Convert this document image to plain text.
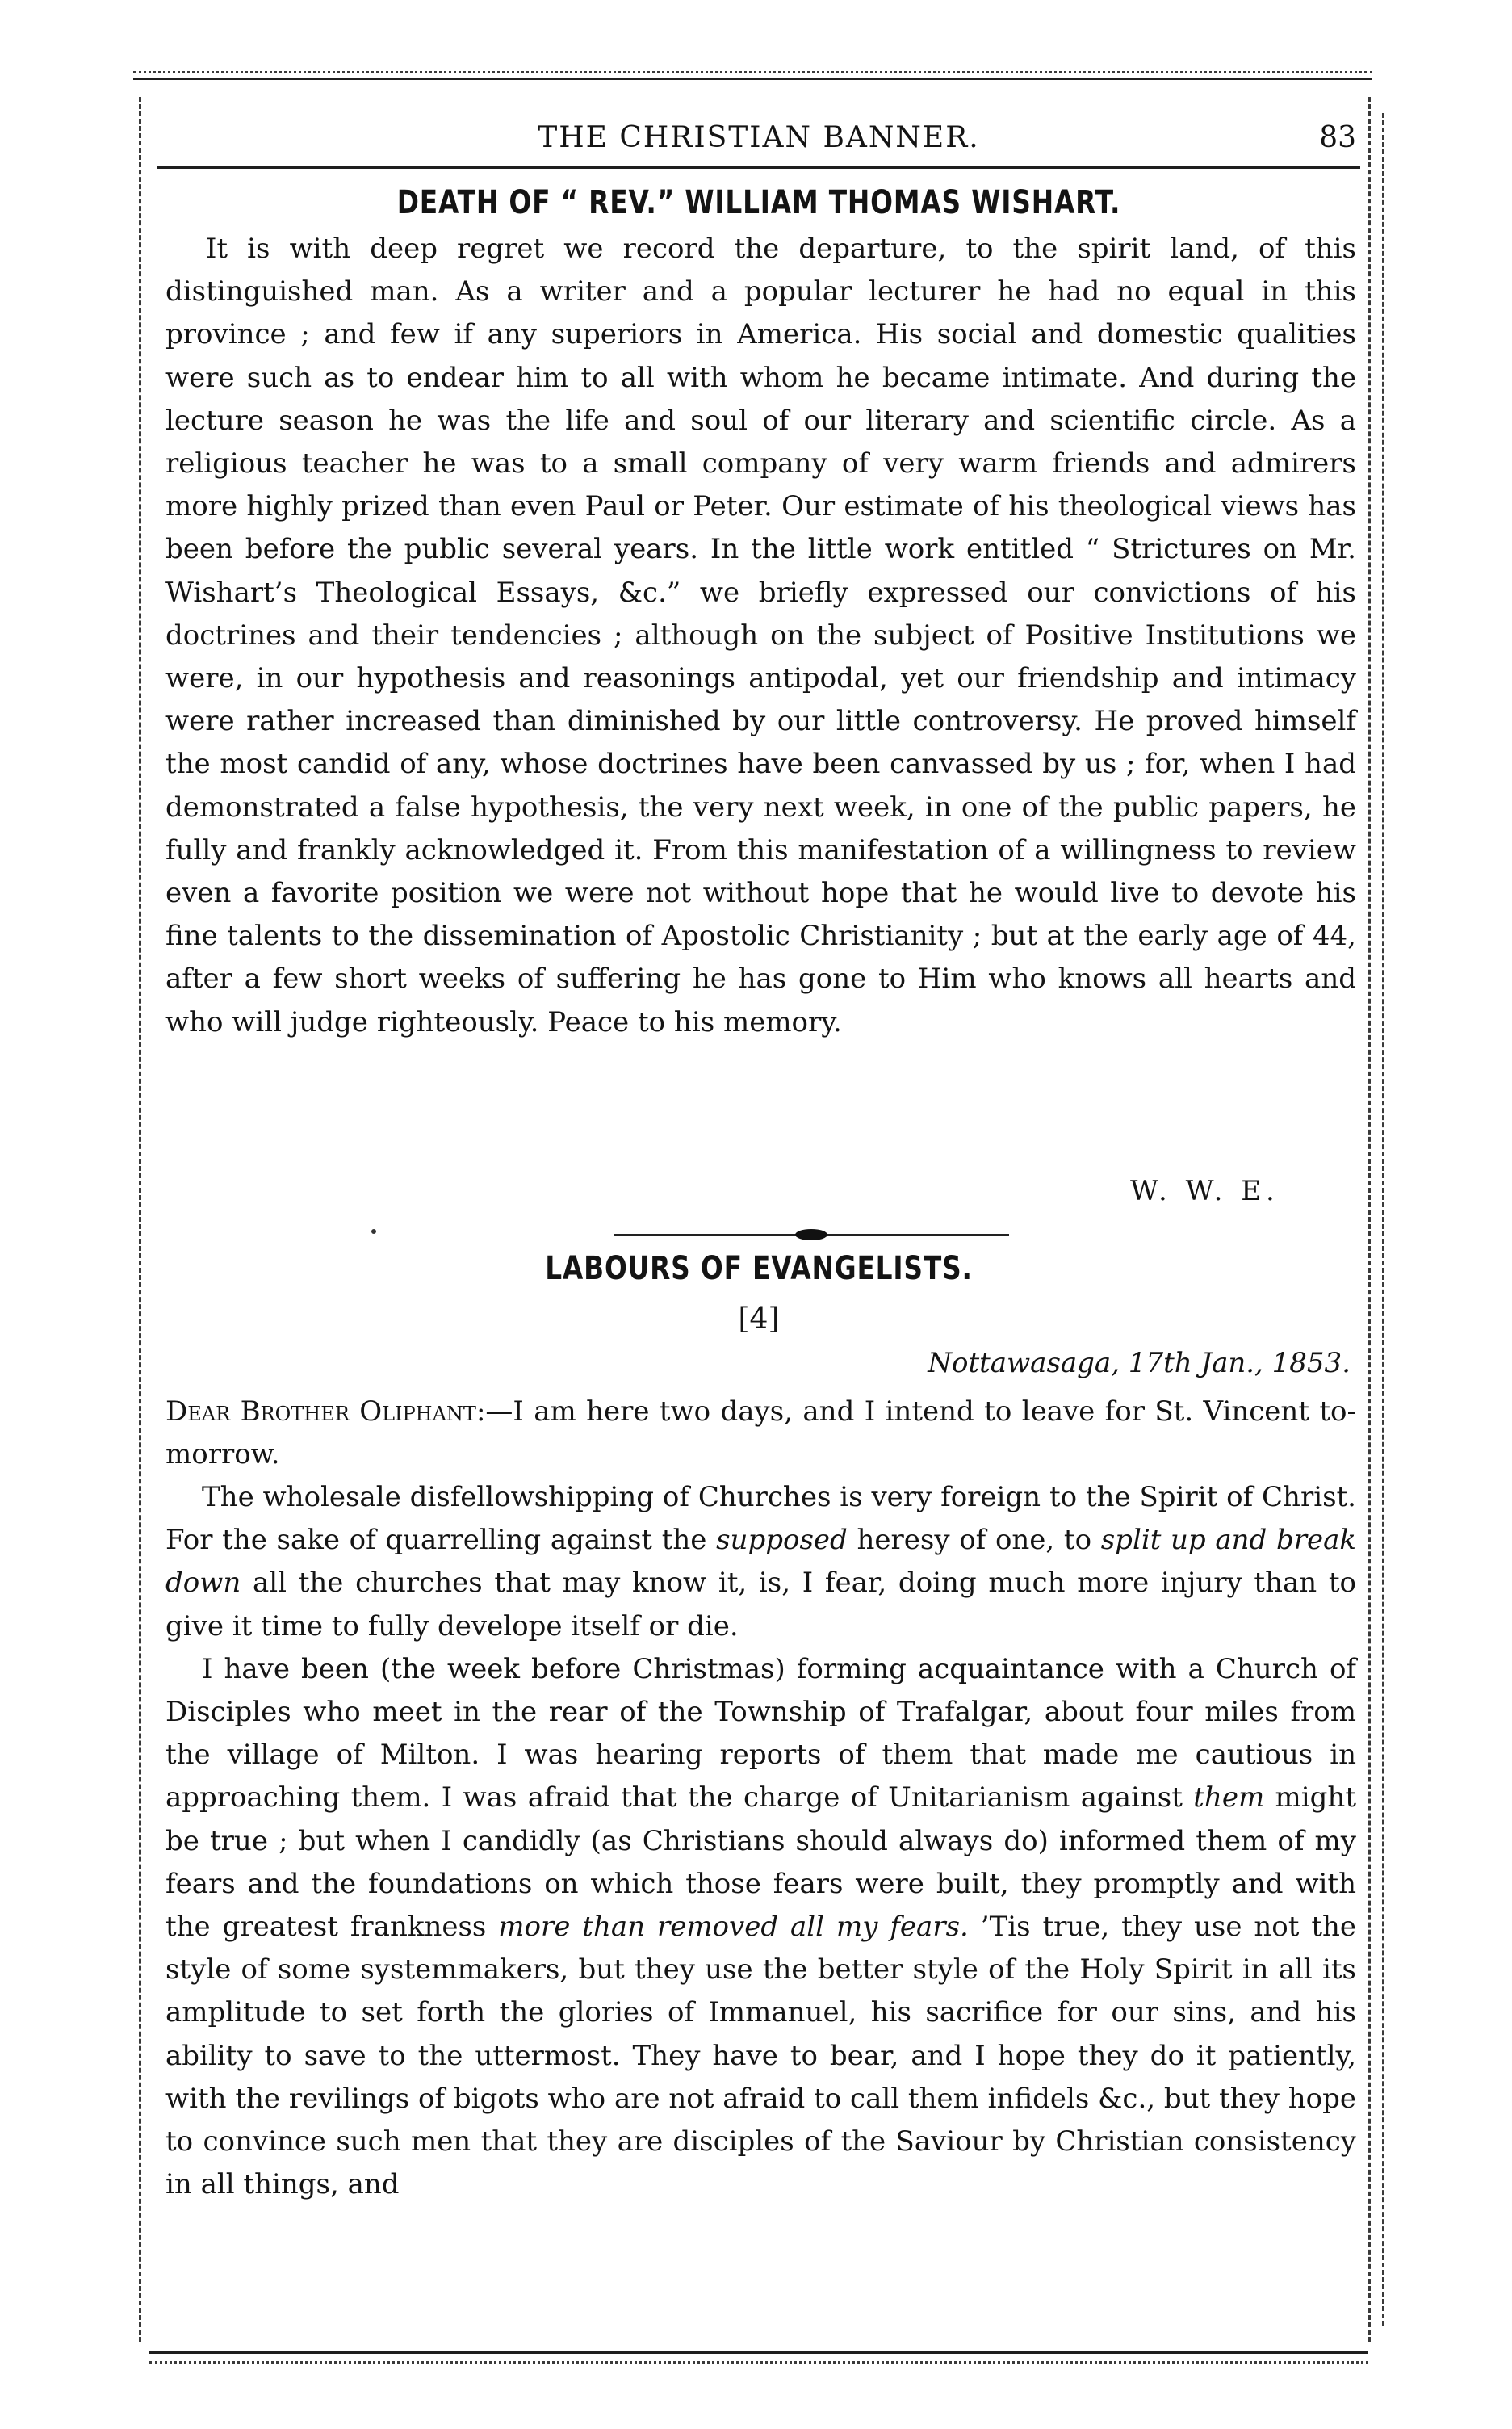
THE CHRISTIAN BANNER.	83
DEATH OF “ REV.” WILLIAM THOMAS WISHART.

It is with deep regret we record the departure, to the spirit land, of this distinguished man. As a writer and a popular lecturer he had no equal in this province ; and few if any superiors in America. His social and domestic qualities were such as to endear him to all with whom he became intimate. And during the lecture season he was the life and soul of our literary and scientific circle. As a religious teacher he was to a small company of very warm friends and admirers more highly prized than even Paul or Peter. Our estimate of his theological views has been before the public several years. In the little work entitled “ Strictures on Mr. Wishart’s Theological Essays, &c.” we briefly expressed our convictions of his doctrines and their tendencies ; although on the subject of Positive Institutions we were, in our hypothesis and reasonings antipodal, yet our friendship and intimacy were rather increased than diminished by our little controversy. He proved himself the most candid of any, whose doctrines have been canvassed by us ; for, when I had demonstrated a false hypothesis, the very next week, in one of the public papers, he fully and frankly acknowledged it. From this manifestation of a willingness to review even a favorite position we were not without hope that he would live to devote his fine talents to the dissemination of Apostolic Christianity ; but at the early age of 44, after a few short weeks of suffering he has gone to Him who knows all hearts and who will judge righteously. Peace to his memory.

W. W. E.
LABOURS OF EVANGELISTS.
[4]
Nottawasaga, 17th Jan., 1853.

Dear Brother Oliphant:—I am here two days, and I intend to leave for St. Vincent to-morrow.

The wholesale disfellowshipping of Churches is very foreign to the Spirit of Christ. For the sake of quarrelling against the supposed heresy of one, to split up and break down all the churches that may know it, is, I fear, doing much more injury than to give it time to fully develope itself or die.

I have been (the week before Christmas) forming acquaintance with a Church of Disciples who meet in the rear of the Township of Trafalgar, about four miles from the village of Milton. I was hearing reports of them that made me cautious in approaching them. I was afraid that the charge of Unitarianism against them might be true ; but when I candidly (as Christians should always do) informed them of my fears and the foundations on which those fears were built, they promptly and with the greatest frankness more than removed all my fears. ’Tis true, they use not the style of some systemmakers, but they use the better style of the Holy Spirit in all its amplitude to set forth the glories of Immanuel, his sacrifice for our sins, and his ability to save to the uttermost. They have to bear, and I hope they do it patiently, with the revilings of bigots who are not afraid to call them infidels &c., but they hope to convince such men that they are disciples of the Saviour by Christian consistency in all things, and
